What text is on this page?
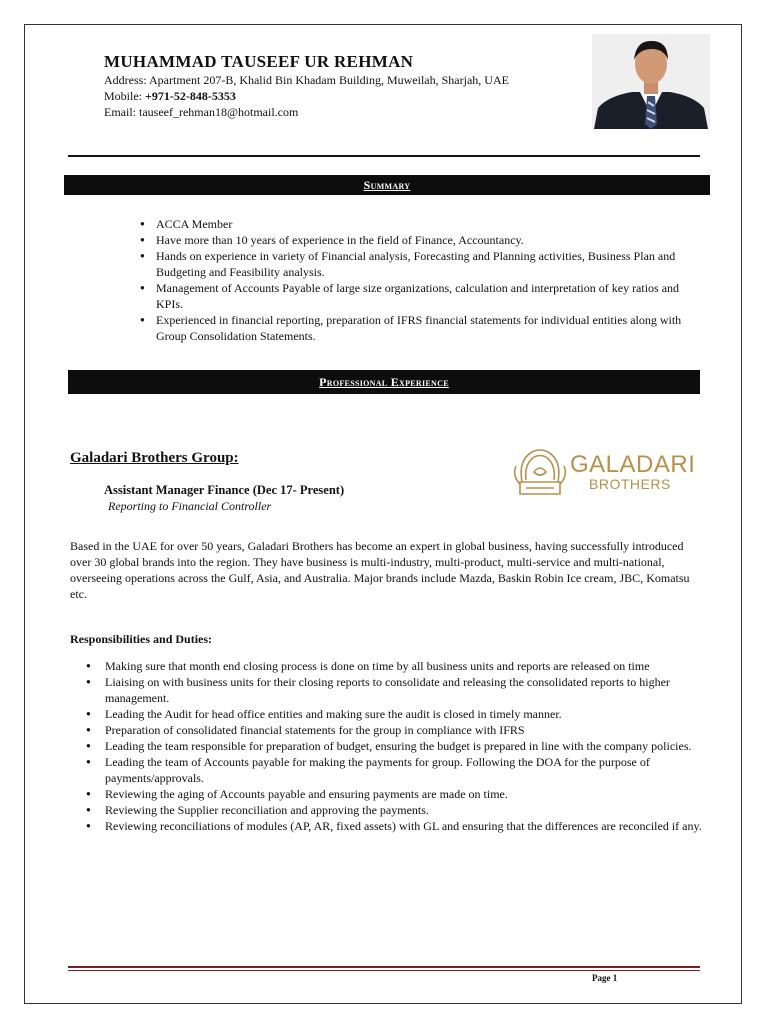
MUHAMMAD TAUSEEF UR REHMAN
Address: Apartment 207-B, Khalid Bin Khadam Building, Muweilah, Sharjah, UAE
Mobile: +971-52-848-5353
Email: tauseef_rehman18@hotmail.com
Summary
● ACCA Member
● Have more than 10 years of experience in the field of Finance, Accountancy.
● Hands on experience in variety of Financial analysis, Forecasting and Planning activities, Business Plan and Budgeting and Feasibility analysis.
● Management of Accounts Payable of large size organizations, calculation and interpretation of key ratios and KPIs.
● Experienced in financial reporting, preparation of IFRS financial statements for individual entities along with Group Consolidation Statements.
Professional Experience
Galadari Brothers Group:	GALADARI
BROTHERS
Assistant Manager Finance (Dec 17- Present)
Reporting to Financial Controller

Based in the UAE for over 50 years, Galadari Brothers has become an expert in global business, having successfully introduced over 30 global brands into the region. They have business is multi-industry, multi-product, multi-service and multi-national, overseeing operations across the Gulf, Asia, and Australia. Major brands include Mazda, Baskin Robin Ice cream, JBC, Komatsu etc.

Responsibilities and Duties:
● Making sure that month end closing process is done on time by all business units and reports are released on time
● Liaising on with business units for their closing reports to consolidate and releasing the consolidated reports to higher management.
● Leading the Audit for head office entities and making sure the audit is closed in timely manner.
● Preparation of consolidated financial statements for the group in compliance with IFRS
● Leading the team responsible for preparation of budget, ensuring the budget is prepared in line with the company policies.
● Leading the team of Accounts payable for making the payments for group. Following the DOA for the purpose of payments/approvals.
● Reviewing the aging of Accounts payable and ensuring payments are made on time.
● Reviewing the Supplier reconciliation and approving the payments.
● Reviewing reconciliations of modules (AP, AR, fixed assets) with GL and ensuring that the differences are reconciled if any.
Page 1
